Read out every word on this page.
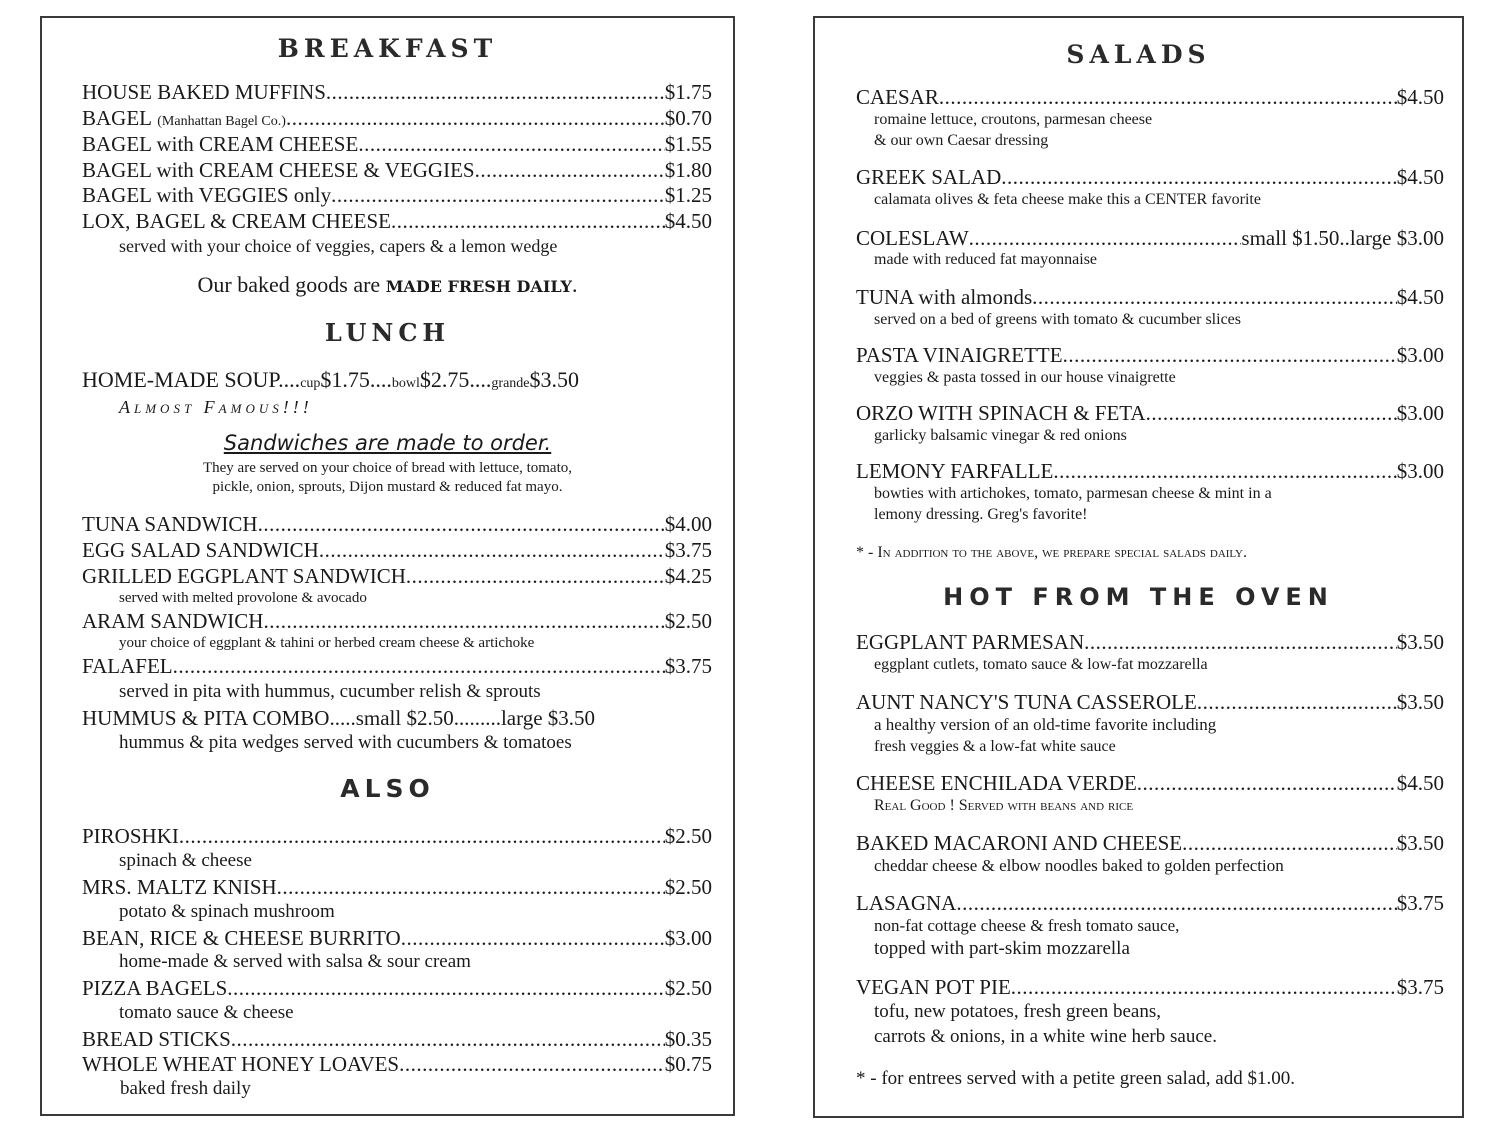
BREAKFAST
HOUSE BAKED MUFFINS .....	$1.75
BAGEL
(Manhattan Bagel Co.) .....	$0.70
BAGEL with CREAM CHEESE .....	$1.55
BAGEL with CREAM CHEESE & VEGGIES .....	$1.80
BAGEL with VEGGIES only .....	$1.25
LOX, BAGEL & CREAM CHEESE .....	$4.50
served with your choice of veggies, capers & a lemon wedge
Our baked goods are MADE FRESH DAILY.
LUNCH
HOME-MADE SOUP.... cup $1.75.... bowl $2.75.... grande $3.50
Almost Famous!!!
Sandwiches are made to order.
They are served on your choice of bread with lettuce, tomato,
pickle, onion, sprouts, Dijon mustard & reduced fat mayo.
TUNA SANDWICH .....	$4.00
EGG SALAD SANDWICH .....	$3.75
GRILLED EGGPLANT SANDWICH .....	$4.25
served with melted provolone & avocado
ARAM SANDWICH .....	$2.50
your choice of eggplant & tahini or herbed cream cheese & artichoke
FALAFEL .....	$3.75
served in pita with hummus, cucumber relish & sprouts
HUMMUS & PITA COMBO..... small $2.50......... large $3.50
hummus & pita wedges served with cucumbers & tomatoes
ALSO
PIROSHKI .....	$2.50
spinach & cheese
MRS. MALTZ KNISH .....	$2.50
potato & spinach mushroom
BEAN, RICE & CHEESE BURRITO .....	$3.00
home-made & served with salsa & sour cream
PIZZA BAGELS .....	$2.50
tomato sauce & cheese
BREAD STICKS .....	$0.35
WHOLE WHEAT HONEY LOAVES .....	$0.75
baked fresh daily
SALADS
CAESAR .....	$4.50
romaine lettuce, croutons, parmesan cheese
& our own Caesar dressing
GREEK SALAD .....	$4.50
calamata olives & feta cheese make this a CENTER favorite
COLESLAW .....	small $1.50..large $3.00
made with reduced fat mayonnaise
TUNA with almonds .....	$4.50
served on a bed of greens with tomato & cucumber slices
PASTA VINAIGRETTE .....	$3.00
veggies & pasta tossed in our house vinaigrette
ORZO WITH SPINACH & FETA .....	$3.00
garlicky balsamic vinegar & red onions
LEMONY FARFALLE .....	$3.00
bowties with artichokes, tomato, parmesan cheese & mint in a
lemony dressing. Greg's favorite!
* - In addition to the above, we prepare special salads daily.
HOT FROM THE OVEN
EGGPLANT PARMESAN .....	$3.50
eggplant cutlets, tomato sauce & low-fat mozzarella
AUNT NANCY'S TUNA CASSEROLE .....	$3.50
a healthy version of an old-time favorite including
fresh veggies & a low-fat white sauce
CHEESE ENCHILADA VERDE .....	$4.50
Real Good ! Served with beans and rice
BAKED MACARONI AND CHEESE .....	$3.50
cheddar cheese & elbow noodles baked to golden perfection
LASAGNA .....	$3.75
non-fat cottage cheese & fresh tomato sauce,
topped with part-skim mozzarella
VEGAN POT PIE .....	$3.75
tofu, new potatoes, fresh green beans,
carrots & onions, in a white wine herb sauce.
* - for entrees served with a petite green salad, add $1.00.
